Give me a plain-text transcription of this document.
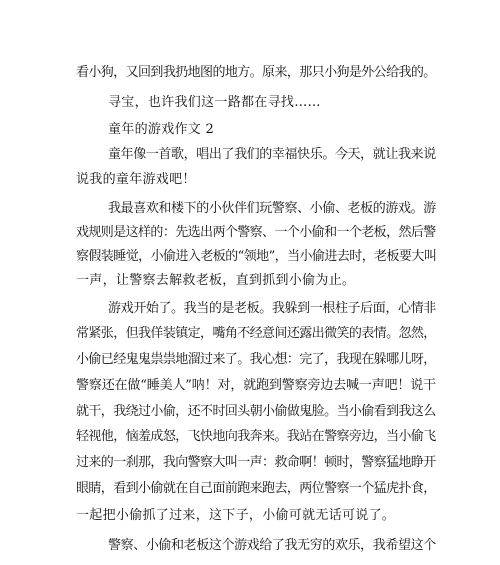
看小狗，又回到我扔地图的地方。原来，那只小狗是外公给我的。
寻宝，也许我们这一路都在寻找……
童年的游戏作文 2
童年像一首歌，唱出了我们的幸福快乐。今天，就让我来说
说我的童年游戏吧！
我最喜欢和楼下的小伙伴们玩警察、小偷、老板的游戏。游
戏规则是这样的：先选出两个警察、一个小偷和一个老板，然后警
察假装睡觉，小偷进入老板的“领地”，当小偷进去时，老板要大叫
一声，让警察去解救老板，直到抓到小偷为止。
游戏开始了。我当的是老板。我躲到一根柱子后面，心情非
常紧张，但我佯装镇定，嘴角不经意间还露出微笑的表情。忽然，
小偷已经鬼鬼祟祟地溜过来了。我心想：完了，我现在躲哪儿呀，
警察还在做“睡美人”呐！对，就跑到警察旁边去喊一声吧！说干
就干，我绕过小偷，还不时回头朝小偷做鬼脸。当小偷看到我这么
轻视他，恼羞成怒，飞快地向我奔来。我站在警察旁边，当小偷飞
过来的一刹那，我向警察大叫一声：救命啊！顿时，警察猛地睁开
眼睛，看到小偷就在自己面前跑来跑去，两位警察一个猛虎扑食，
一起把小偷抓了过来，这下子，小偷可就无话可说了。
警察、小偷和老板这个游戏给了我无穷的欢乐，我希望这个
